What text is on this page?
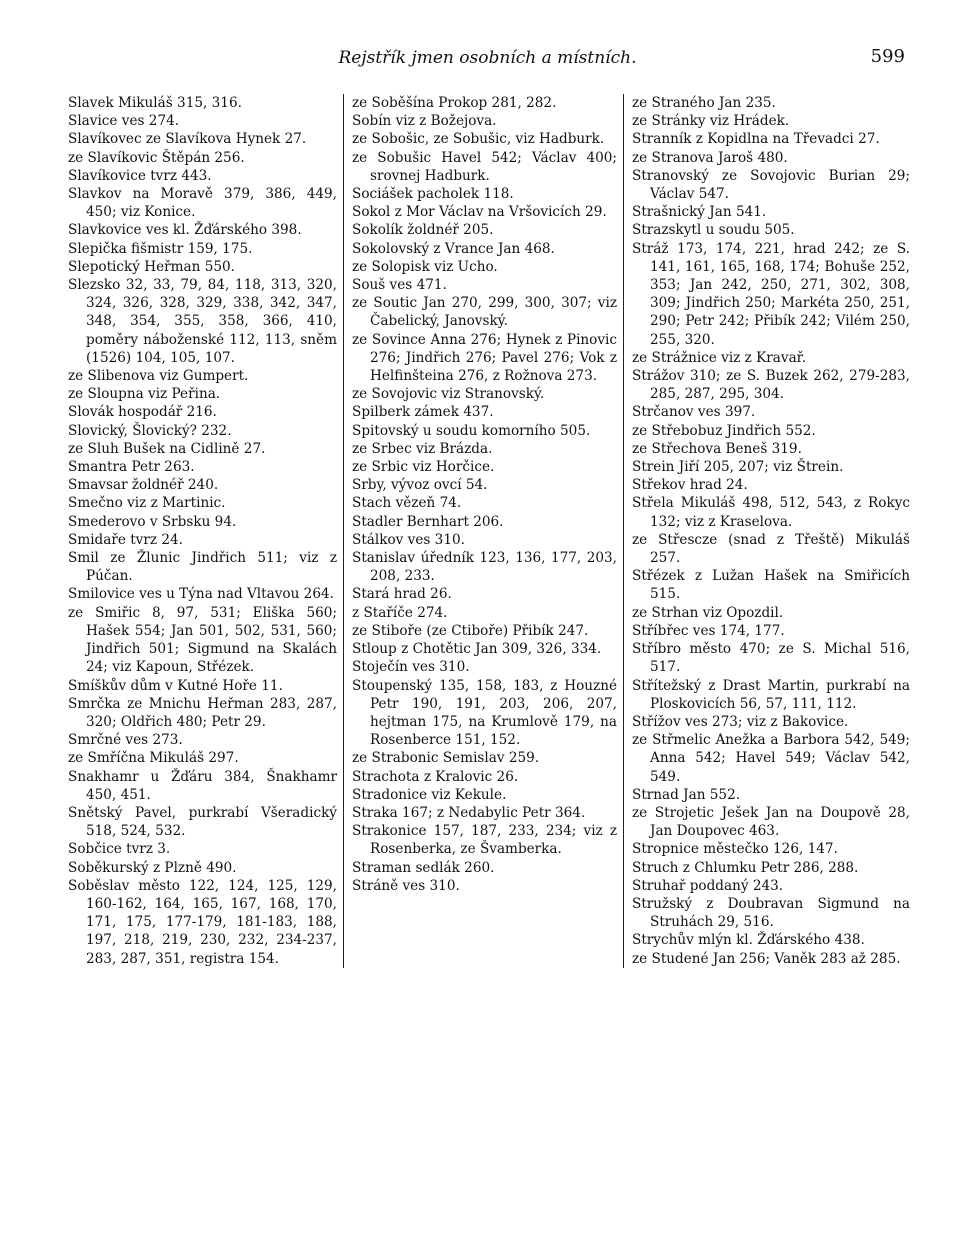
Rejstřík jmen osobních a místních.	599

Slavek Mikuláš 315, 316.

Slavice ves 274.

Slavíkovec ze Slavíkova Hynek 27.

ze Slavíkovic Štěpán 256.

Slavíkovice tvrz 443.

Slavkov na Moravě 379, 386, 449, 450; viz Konice.

Slavkovice ves kl. Žďárského 398.

Slepička fišmistr 159, 175.

Slepotický Heřman 550.

Slezsko 32, 33, 79, 84, 118, 313, 320, 324, 326, 328, 329, 338, 342, 347, 348, 354, 355, 358, 366, 410, poměry náboženské 112, 113, sněm (1526) 104, 105, 107.

ze Slibenova viz Gumpert.

ze Sloupna viz Peřina.

Slovák hospodář 216.

Slovický, Šlovický? 232.

ze Sluh Bušek na Cidlině 27.

Smantra Petr 263.

Smavsar žoldnéř 240.

Smečno viz z Martinic.

Smederovo v Srbsku 94.

Smidaře tvrz 24.

Smil ze Žlunic Jindřich 511; viz z Púčan.

Smilovice ves u Týna nad Vltavou 264.

ze Smiřic 8, 97, 531; Eliška 560; Hašek 554; Jan 501, 502, 531, 560; Jindřich 501; Sigmund na Skalách 24; viz Kapoun, Střézek.

Smíškův dům v Kutné Hoře 11.

Smrčka ze Mnichu Heřman 283, 287, 320; Oldřich 480; Petr 29.

Smrčné ves 273.

ze Smříčna Mikuláš 297.

Snakhamr u Žďáru 384, Šnakhamr 450, 451.

Snětský Pavel, purkrabí Všeradický 518, 524, 532.

Sobčice tvrz 3.

Soběkurský z Plzně 490.

Soběslav město 122, 124, 125, 129, 160-162, 164, 165, 167, 168, 170, 171, 175, 177-179, 181-183, 188, 197, 218, 219, 230, 232, 234-237, 283, 287, 351, registra 154.

ze Soběšína Prokop 281, 282.

Sobín viz z Božejova.

ze Sobošic, ze Sobušic, viz Hadburk.

ze Sobušic Havel 542; Václav 400; srovnej Hadburk.

Sociášek pacholek 118.

Sokol z Mor Václav na Vršovicích 29.

Sokolík žoldnéř 205.

Sokolovský z Vrance Jan 468.

ze Solopisk viz Ucho.

Souš ves 471.

ze Soutic Jan 270, 299, 300, 307; viz Čabelický, Janovský.

ze Sovince Anna 276; Hynek z Pinovic 276; Jindřich 276; Pavel 276; Vok z Helfinšteina 276, z Rožnova 273.

ze Sovojovic viz Stranovský.

Spilberk zámek 437.

Spitovský u soudu komorního 505.

ze Srbec viz Brázda.

ze Srbic viz Horčice.

Srby, vývoz ovcí 54.

Stach vězeň 74.

Stadler Bernhart 206.

Stálkov ves 310.

Stanislav úředník 123, 136, 177, 203, 208, 233.

Stará hrad 26.

z Staříče 274.

ze Stiboře (ze Ctiboře) Přibík 247.

Stloup z Chotětic Jan 309, 326, 334.

Stoječín ves 310.

Stoupenský 135, 158, 183, z Houzné Petr 190, 191, 203, 206, 207, hejtman 175, na Krumlově 179, na Rosenberce 151, 152.

ze Strabonic Semislav 259.

Strachota z Kralovic 26.

Stradonice viz Kekule.

Straka 167; z Nedabylic Petr 364.

Strakonice 157, 187, 233, 234; viz z Rosenberka, ze Švamberka.

Straman sedlák 260.

Stráně ves 310.

ze Straného Jan 235.

ze Stránky viz Hrádek.

Stranník z Kopidlna na Třevadci 27.

ze Stranova Jaroš 480.

Stranovský ze Sovojovic Burian 29; Václav 547.

Strašnický Jan 541.

Strazskytl u soudu 505.

Stráž 173, 174, 221, hrad 242; ze S. 141, 161, 165, 168, 174; Bohuše 252, 353; Jan 242, 250, 271, 302, 308, 309; Jindřich 250; Markéta 250, 251, 290; Petr 242; Přibík 242; Vilém 250, 255, 320.

ze Strážnice viz z Kravař.

Strážov 310; ze S. Buzek 262, 279-283, 285, 287, 295, 304.

Strčanov ves 397.

ze Střebobuz Jindřich 552.

ze Střechova Beneš 319.

Strein Jiří 205, 207; viz Štrein.

Střekov hrad 24.

Střela Mikuláš 498, 512, 543, z Rokyc 132; viz z Kraselova.

ze Střescze (snad z Třeště) Mikuláš 257.

Střézek z Lužan Hašek na Smiřicích 515.

ze Strhan viz Opozdil.

Stříbřec ves 174, 177.

Stříbro město 470; ze S. Michal 516, 517.

Střítežský z Drast Martin, purkrabí na Ploskovicích 56, 57, 111, 112.

Střížov ves 273; viz z Bakovice.

ze Střmelic Anežka a Barbora 542, 549; Anna 542; Havel 549; Václav 542, 549.

Strnad Jan 552.

ze Strojetic Ješek Jan na Doupově 28, Jan Doupovec 463.

Stropnice městečko 126, 147.

Struch z Chlumku Petr 286, 288.

Struhař poddaný 243.

Stružský z Doubravan Sigmund na Struhách 29, 516.

Strychův mlýn kl. Žďárského 438.

ze Studené Jan 256; Vaněk 283 až 285.
